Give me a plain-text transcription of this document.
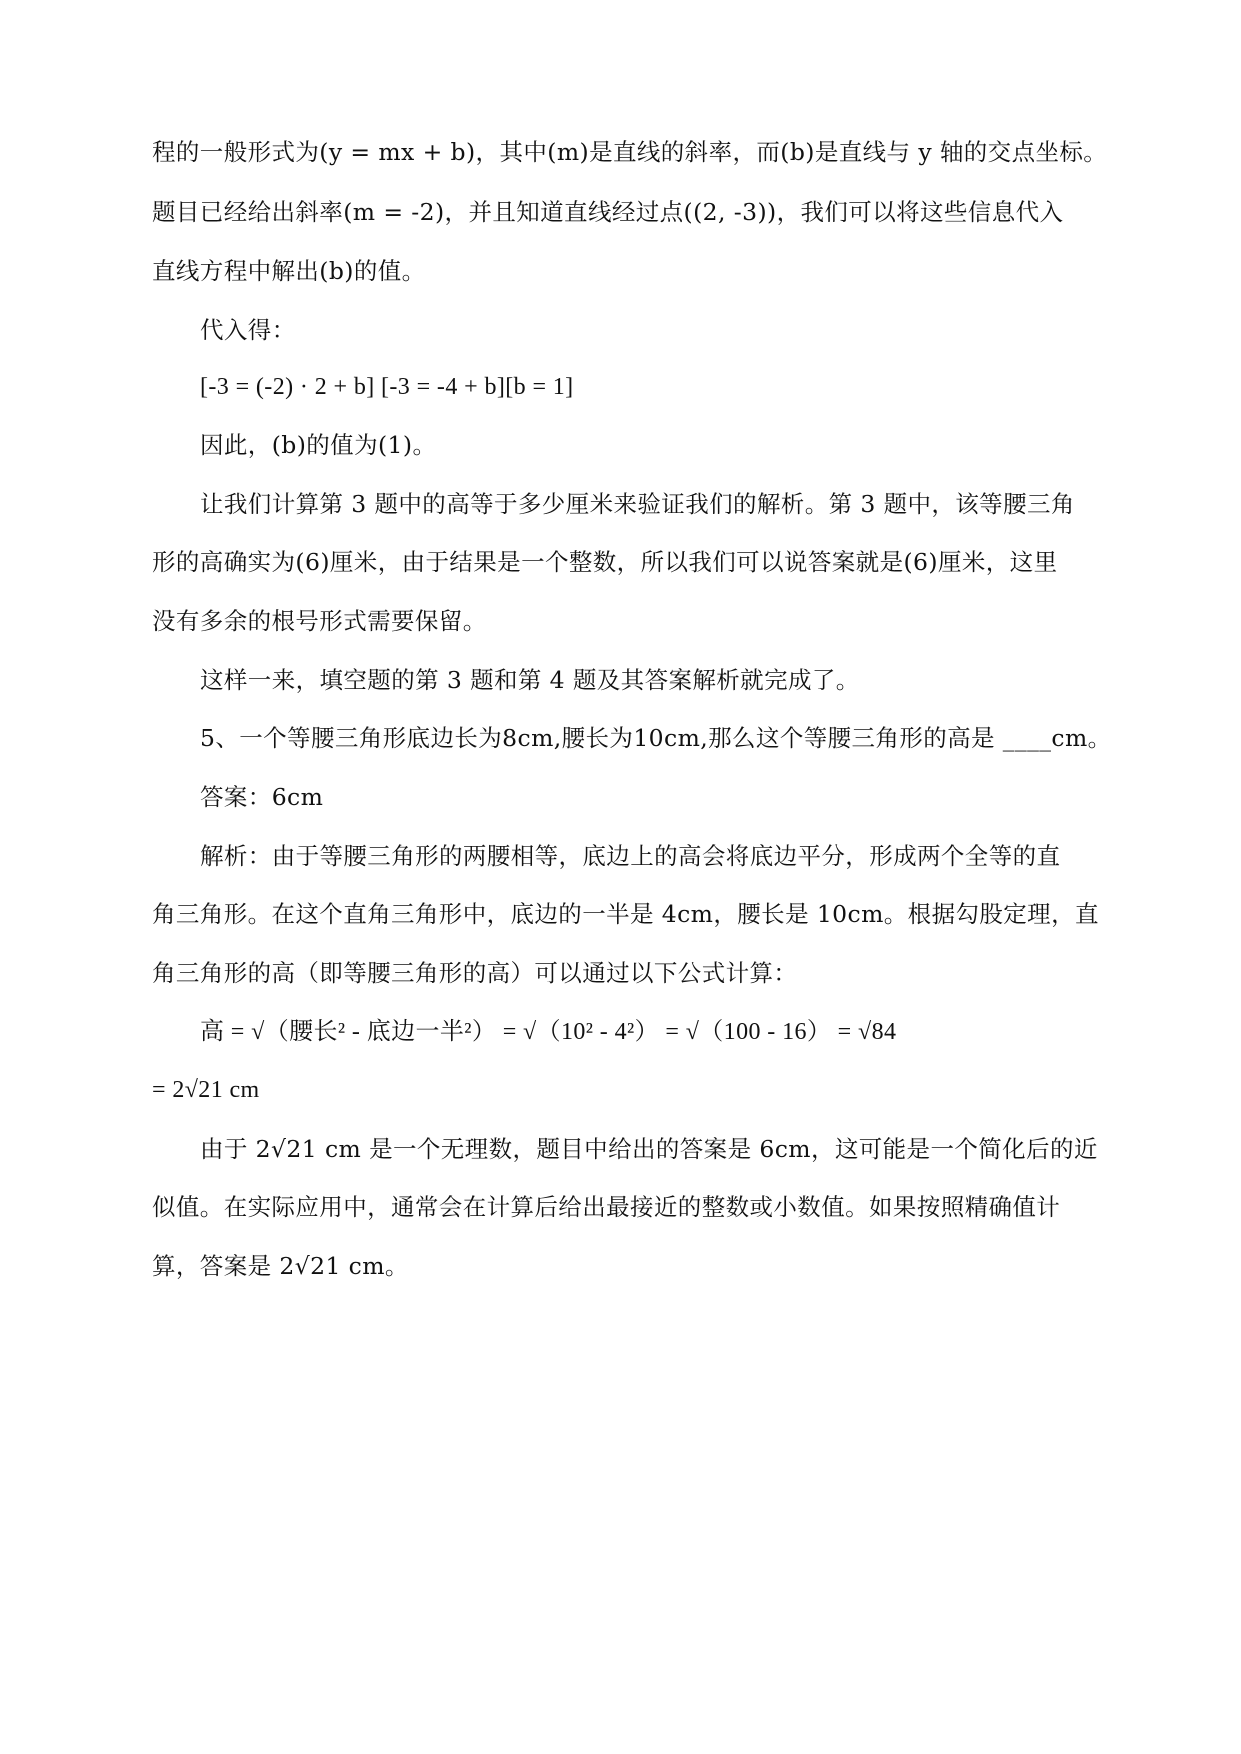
程的一般形式为(y = mx + b)，其中(m)是直线的斜率，而(b)是直线与 y 轴的交点坐标。
题目已经给出斜率(m = -2)，并且知道直线经过点((2, -3))，我们可以将这些信息代入
直线方程中解出(b)的值。
代入得：
[-3 = (-2) · 2 + b] [-3 = -4 + b][b = 1]
因此，(b)的值为(1)。
让我们计算第 3 题中的高等于多少厘米来验证我们的解析。第 3 题中，该等腰三角
形的高确实为(6)厘米，由于结果是一个整数，所以我们可以说答案就是(6)厘米，这里
没有多余的根号形式需要保留。
这样一来，填空题的第 3 题和第 4 题及其答案解析就完成了。
5、一个等腰三角形底边长为8cm,腰长为10cm,那么这个等腰三角形的高是 ____cm。
答案：6cm
解析：由于等腰三角形的两腰相等，底边上的高会将底边平分，形成两个全等的直
角三角形。在这个直角三角形中，底边的一半是 4cm，腰长是 10cm。根据勾股定理，直
角三角形的高（即等腰三角形的高）可以通过以下公式计算：
高 = √（腰长² - 底边一半²） = √（10² - 4²） = √（100 - 16） = √84
= 2√21 cm
由于 2√21 cm 是一个无理数，题目中给出的答案是 6cm，这可能是一个简化后的近
似值。在实际应用中，通常会在计算后给出最接近的整数或小数值。如果按照精确值计
算，答案是 2√21 cm。
